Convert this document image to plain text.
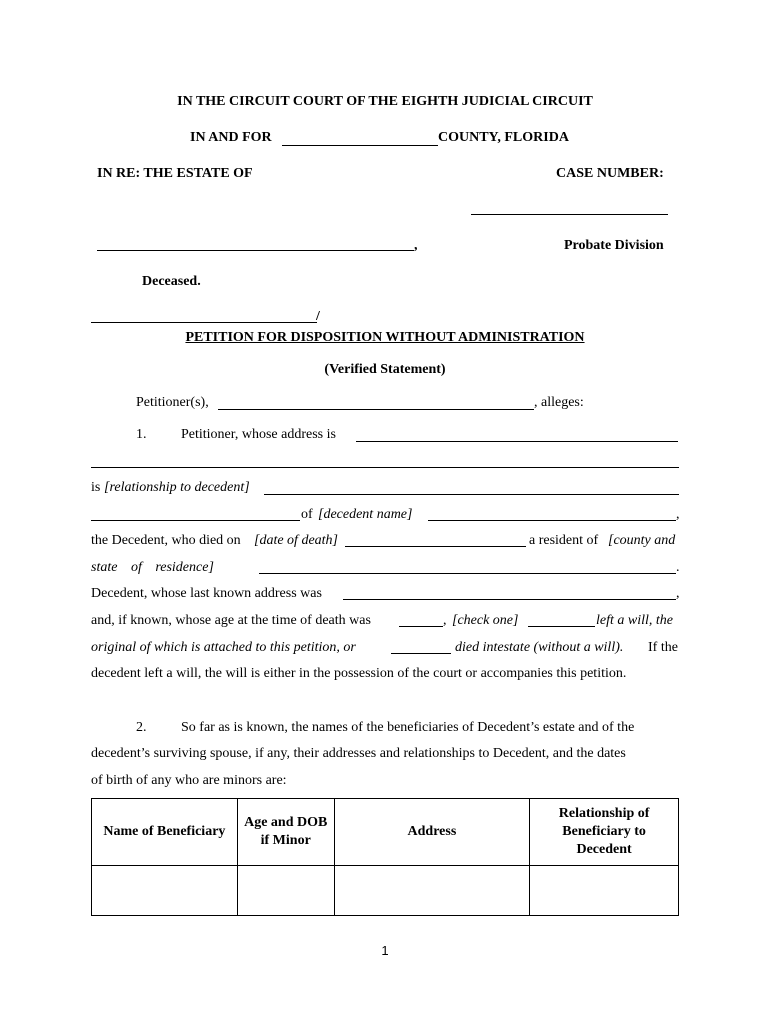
IN THE CIRCUIT COURT OF THE EIGHTH JUDICIAL CIRCUIT
IN AND FOR	COUNTY, FLORIDA
IN RE: THE ESTATE OF	CASE NUMBER:
,	Probate Division
Deceased.
/
PETITION FOR DISPOSITION WITHOUT ADMINISTRATION
(Verified Statement)
Petitioner(s),	, alleges:
1. Petitioner, whose address is
is [relationship to decedent]
of [decedent name]	,
the Decedent, who died on [date of death]	a resident of [county and
state of residence]	.
Decedent, whose last known address was	,
and, if known, whose age at the time of death was	, [check one]	left a will, the
original of which is attached to this petition, or	died intestate (without a will). If the
decedent left a will, the will is either in the possession of the court or accompanies this petition.
2. So far as is known, the names of the beneficiaries of Decedent’s estate and of the
decedent’s surviving spouse, if any, their addresses and relationships to Decedent, and the dates
of birth of any who are minors are:
Name of Beneficiary	Age and DOB if Minor	Address	Relationship of Beneficiary to Decedent

1
